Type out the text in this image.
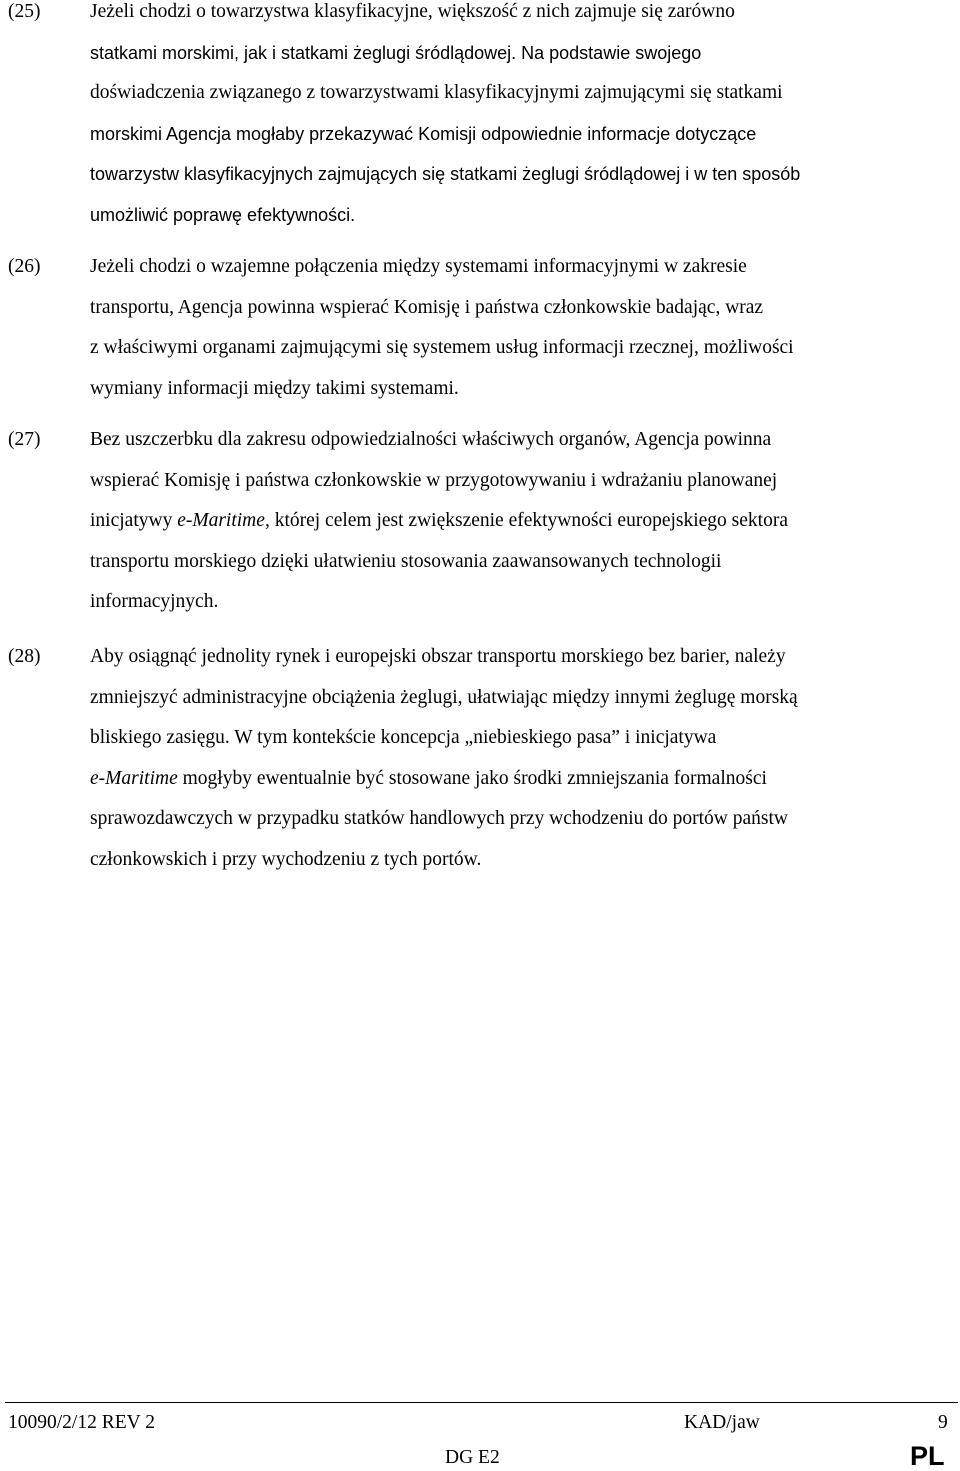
(25)	Jeżeli chodzi o towarzystwa klasyfikacyjne, większość z nich zajmuje się zarówno
statkami morskimi, jak i statkami żeglugi śródlądowej. Na podstawie swojego
doświadczenia związanego z towarzystwami klasyfikacyjnymi zajmującymi się statkami
morskimi Agencja mogłaby przekazywać Komisji odpowiednie informacje dotyczące
towarzystw klasyfikacyjnych zajmujących się statkami żeglugi śródlądowej i w ten sposób
umożliwić poprawę efektywności.

(26)	Jeżeli chodzi o wzajemne połączenia między systemami informacyjnymi w zakresie
transportu, Agencja powinna wspierać Komisję i państwa członkowskie badając, wraz
z właściwymi organami zajmującymi się systemem usług informacji rzecznej, możliwości
wymiany informacji między takimi systemami.

(27)	Bez uszczerbku dla zakresu odpowiedzialności właściwych organów, Agencja powinna
wspierać Komisję i państwa członkowskie w przygotowywaniu i wdrażaniu planowanej
inicjatywy e-Maritime, której celem jest zwiększenie efektywności europejskiego sektora
transportu morskiego dzięki ułatwieniu stosowania zaawansowanych technologii
informacyjnych.

(28)	Aby osiągnąć jednolity rynek i europejski obszar transportu morskiego bez barier, należy
zmniejszyć administracyjne obciążenia żeglugi, ułatwiając między innymi żeglugę morską
bliskiego zasięgu. W tym kontekście koncepcja „niebieskiego pasa” i inicjatywa
e-Maritime mogłyby ewentualnie być stosowane jako środki zmniejszania formalności
sprawozdawczych w przypadku statków handlowych przy wchodzeniu do portów państw
członkowskich i przy wychodzeniu z tych portów.

10090/2/12 REV 2	KAD/jaw	9
DG E2	PL
